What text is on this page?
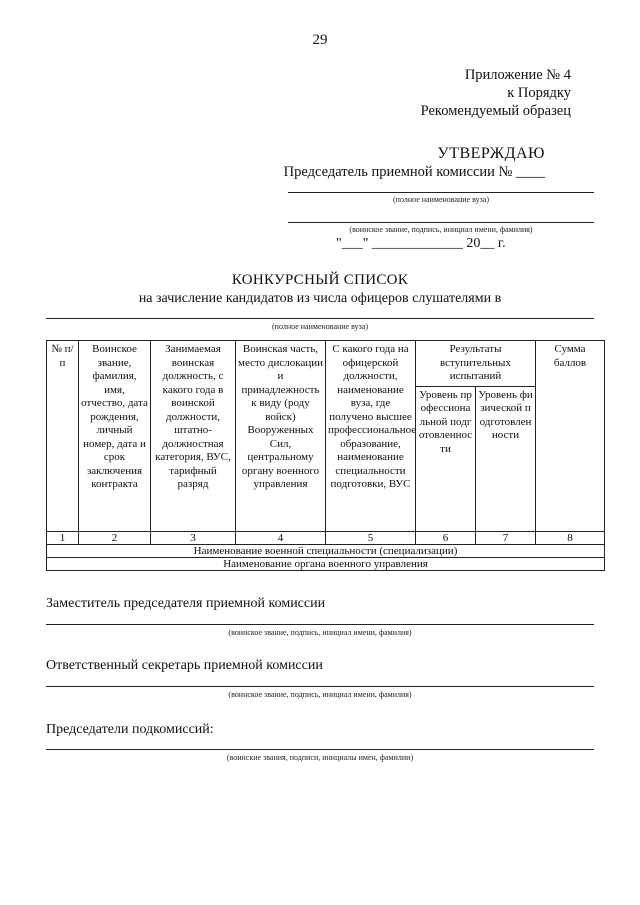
29
Приложение № 4
к Порядку
Рекомендуемый образец
УТВЕРЖДАЮ
Председатель приемной комиссии № ____
(полное наименование вуза)
(воинское звание, подпись, инициал имени, фамилия)
"___" _____________ 20__ г.
КОНКУРСНЫЙ СПИСОК
на зачисление кандидатов из числа офицеров слушателями в
(полное наименование вуза)
№ п/п	Воинское звание, фамилия, имя, отчество, дата рождения, личный номер, дата и срок заключения контракта	Занимаемая воинская должность, с какого года в воинской должности, штатно-должностная категория, ВУС, тарифный разряд	Воинская часть, место дислокации и принадлежность к виду (роду войск) Вооруженных Сил, центральному органу военного управления	С какого года на офицерской должности, наименование вуза, где получено высшее профессиональное образование, наименование специальности подготовки, ВУС	Результаты вступительных испытаний		Сумма баллов
					Уровень профессиональной подготовленности	Уровень физической подготовленности	
1	2	3	4	5	6	7	8
Наименование военной специальности (специализации)							
Наименование органа военного управления							
Заместитель председателя приемной комиссии
(воинское звание, подпись, инициал имени, фамилия)
Ответственный секретарь приемной комиссии
(воинское звание, подпись, инициал имени, фамилия)
Председатели подкомиссий:
(воинские звания, подписи, инициалы имен, фамилии)
